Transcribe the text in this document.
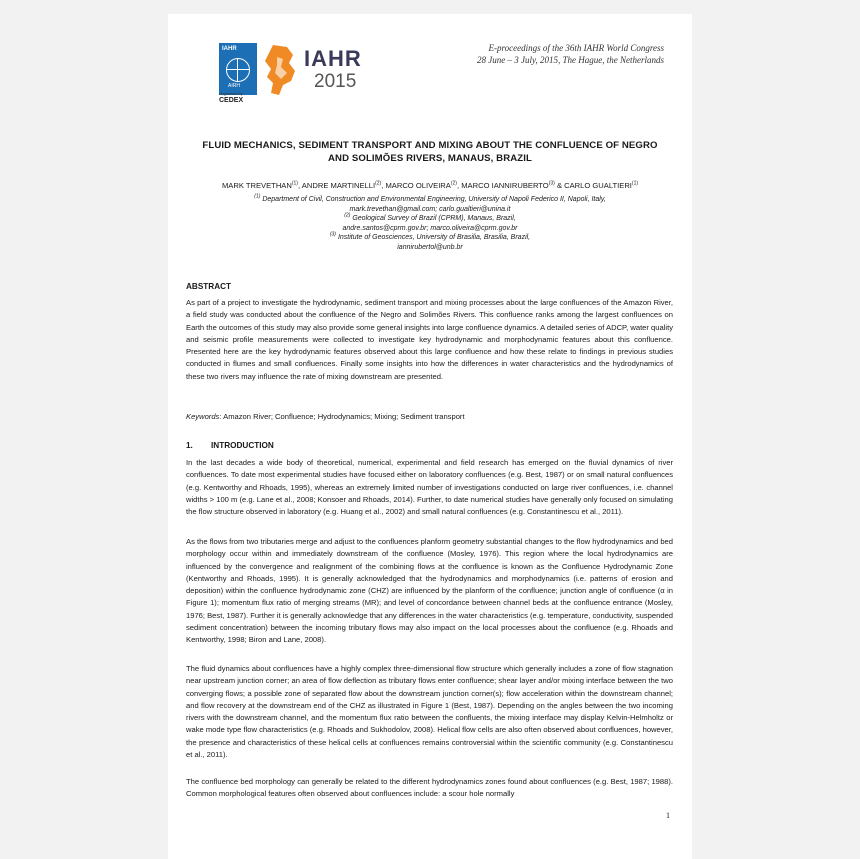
IAHR
AIRH
IAHR
2015
Organised by
CEDEX
E-proceedings of the 36th IAHR World Congress
28 June – 3 July, 2015, The Hague, the Netherlands
FLUID MECHANICS, SEDIMENT TRANSPORT AND MIXING ABOUT THE CONFLUENCE OF NEGRO
AND SOLIMÕES RIVERS, MANAUS, BRAZIL
MARK TREVETHAN$^{(1)}$, ANDRE MARTINELLI$^{(2)}$, MARCO OLIVEIRA$^{(2)}$, MARCO IANNIRUBERTO$^{(3)}$ & CARLO GUALTIERI$^{(1)}$
$^{(1)}$ Department of Civil, Construction and Environmental Engineering, University of Napoli Federico II, Napoli, Italy,
mark.trevethan@gmail.com; carlo.gualtieri@unina.it
$^{(2)}$ Geological Survey of Brazil (CPRM), Manaus, Brazil,
andre.santos@cprm.gov.br; marco.oliveira@cprm.gov.br
$^{(3)}$ Institute of Geosciences, University of Brasilia, Brasilia, Brazil,
iannirubertol@unb.br
ABSTRACT
As part of a project to investigate the hydrodynamic, sediment transport and mixing processes about the large confluences of the Amazon River, a field study was conducted about the confluence of the Negro and Solimões Rivers. This confluence ranks among the largest confluences on Earth the outcomes of this study may also provide some general insights into large confluence dynamics. A detailed series of ADCP, water quality and seismic profile measurements were collected to investigate key hydrodynamic and morphodynamic features about this confluence. Presented here are the key hydrodynamic features observed about this large confluence and how these relate to findings in previous studies conducted in flumes and small confluences. Finally some insights into how the differences in water characteristics and the hydrodynamics of these two rivers may influence the rate of mixing downstream are presented.
Keywords: Amazon River; Confluence; Hydrodynamics; Mixing; Sediment transport
1.        INTRODUCTION
In the last decades a wide body of theoretical, numerical, experimental and field research has emerged on the fluvial dynamics of river confluences. To date most experimental studies have focused either on laboratory confluences (e.g. Best, 1987) or on small natural confluences (e.g. Kentworthy and Rhoads, 1995), whereas an extremely limited number of investigations conducted on large river confluences, i.e. channel widths > 100 m (e.g. Lane et al., 2008; Konsoer and Rhoads, 2014). Further, to date numerical studies have generally only focused on simulating the flow structure observed in laboratory (e.g. Huang et al., 2002) and small natural confluences (e.g. Constantinescu et al., 2011).
As the flows from two tributaries merge and adjust to the confluences planform geometry substantial changes to the flow hydrodynamics and bed morphology occur within and immediately downstream of the confluence (Mosley, 1976). This region where the local hydrodynamics are influenced by the convergence and realignment of the combining flows at the confluence is known as the Confluence Hydrodynamic Zone (Kentworthy and Rhoads, 1995). It is generally acknowledged that the hydrodynamics and morphodynamics (i.e. patterns of erosion and deposition) within the confluence hydrodynamic zone (CHZ) are influenced by the planform of the confluence; junction angle of confluence (α in Figure 1); momentum flux ratio of merging streams (MR); and level of concordance between channel beds at the confluence entrance (Mosley, 1976; Best, 1987). Further it is generally acknowledge that any differences in the water characteristics (e.g. temperature, conductivity, suspended sediment concentration) between the incoming tributary flows may also impact on the local processes about the confluence (e.g. Rhoads and Kentworthy, 1998; Biron and Lane, 2008).
The fluid dynamics about confluences have a highly complex three-dimensional flow structure which generally includes a zone of flow stagnation near upstream junction corner; an area of flow deflection as tributary flows enter confluence; shear layer and/or mixing interface between the two converging flows; a possible zone of separated flow about the downstream junction corner(s); flow acceleration within the downstream channel; and flow recovery at the downstream end of the CHZ as illustrated in Figure 1 (Best, 1987). Depending on the angles between the two incoming rivers with the downstream channel, and the momentum flux ratio between the confluents, the mixing interface may display Kelvin-Helmholtz or wake mode type flow characteristics (e.g. Rhoads and Sukhodolov, 2008). Helical flow cells are also often observed about confluences, however, the presence and characteristics of these helical cells at confluences remains controversial within the scientific community (e.g. Constantinescu et al., 2011).
The confluence bed morphology can generally be related to the different hydrodynamics zones found about confluences (e.g. Best, 1987; 1988). Common morphological features often observed about confluences include: a scour hole normally
1
